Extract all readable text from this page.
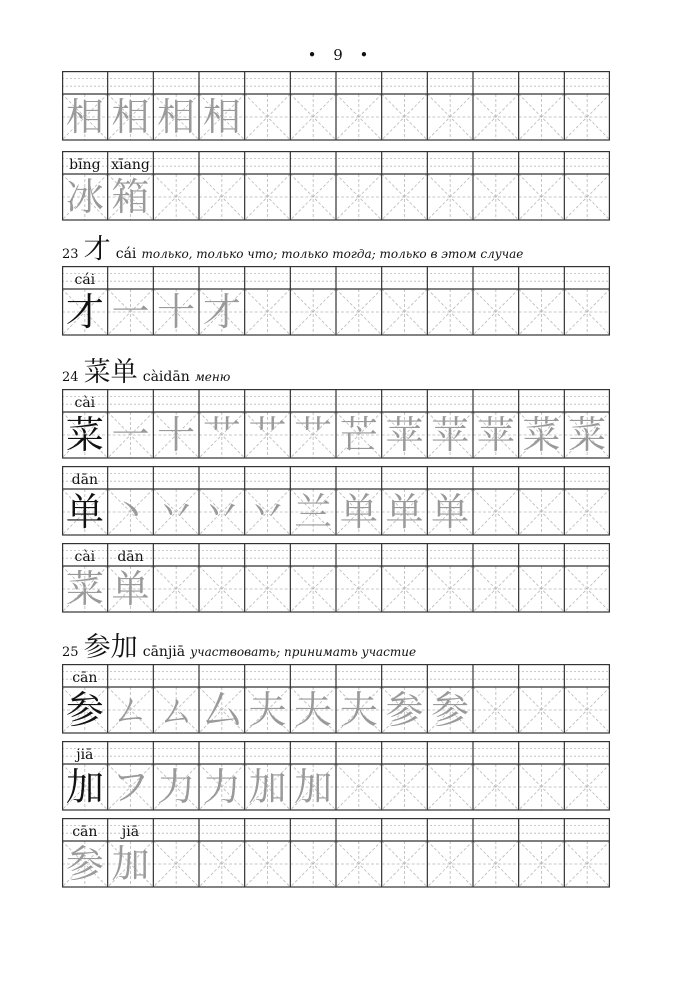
• 9 •
相 相 相 相
bīng xīang
冰 箱
cái
才 一 十 才
cài
菜 一 十 艹 艹 艹 芒 苹 苹 苹 菜 菜
dān
单 丶 丷 丷 丷 兰 单 单 单
cài dān
菜 单
cān
参 ㄥ ㄙ 厶 夫 夫 夫 参 参
jiā
加 フ 力 力 加 加
cān jiā
参 加
23 才 cái только, только что; только тогда; только в этом случае
24 菜单 càidān меню
25 参加 cānjiā участвовать; принимать участие
